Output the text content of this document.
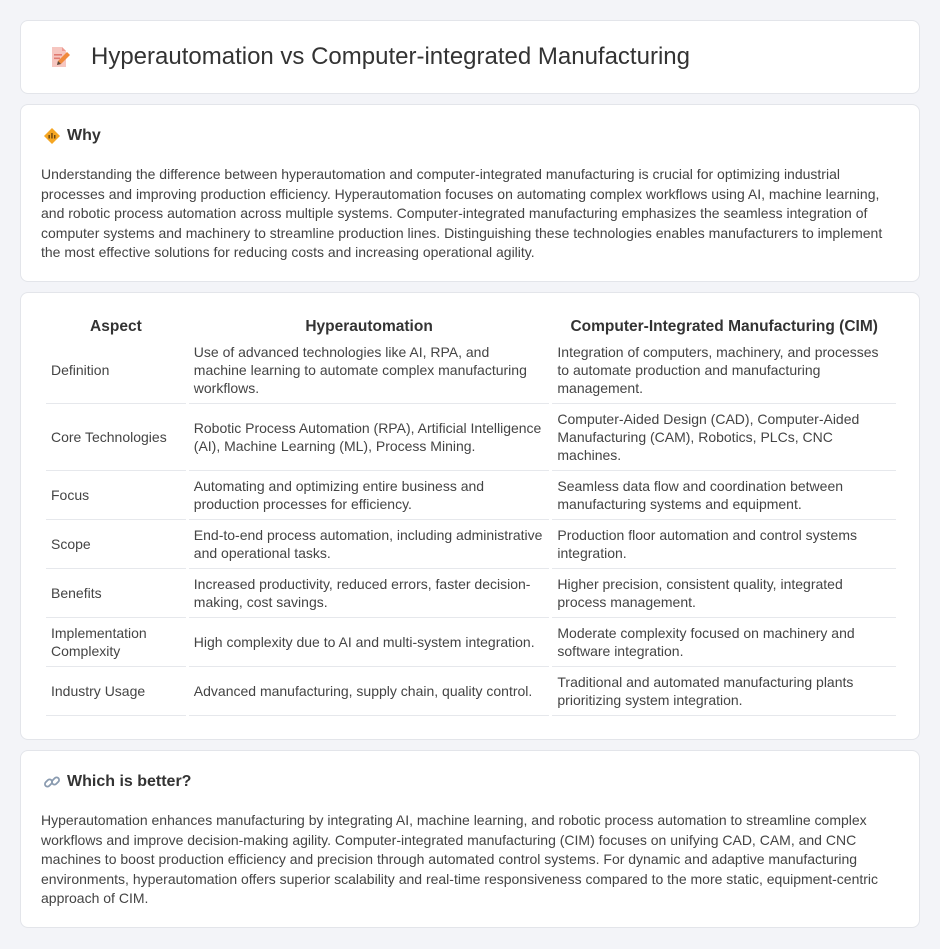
Hyperautomation vs Computer-integrated Manufacturing
Why

Understanding the difference between hyperautomation and computer-integrated manufacturing is crucial for optimizing industrial processes and improving production efficiency. Hyperautomation focuses on automating complex workflows using AI, machine learning, and robotic process automation across multiple systems. Computer-integrated manufacturing emphasizes the seamless integration of computer systems and machinery to streamline production lines. Distinguishing these technologies enables manufacturers to implement the most effective solutions for reducing costs and increasing operational agility.

Aspect	Hyperautomation	Computer-Integrated Manufacturing (CIM)
Definition	Use of advanced technologies like AI, RPA, and machine learning to automate complex manufacturing workflows.	Integration of computers, machinery, and processes to automate production and manufacturing management.
Core Technologies	Robotic Process Automation (RPA), Artificial Intelligence (AI), Machine Learning (ML), Process Mining.	Computer-Aided Design (CAD), Computer-Aided Manufacturing (CAM), Robotics, PLCs, CNC machines.
Focus	Automating and optimizing entire business and production processes for efficiency.	Seamless data flow and coordination between manufacturing systems and equipment.
Scope	End-to-end process automation, including administrative and operational tasks.	Production floor automation and control systems integration.
Benefits	Increased productivity, reduced errors, faster decision-making, cost savings.	Higher precision, consistent quality, integrated process management.
Implementation Complexity	High complexity due to AI and multi-system integration.	Moderate complexity focused on machinery and software integration.
Industry Usage	Advanced manufacturing, supply chain, quality control.	Traditional and automated manufacturing plants prioritizing system integration.
Which is better?

Hyperautomation enhances manufacturing by integrating AI, machine learning, and robotic process automation to streamline complex workflows and improve decision-making agility. Computer-integrated manufacturing (CIM) focuses on unifying CAD, CAM, and CNC machines to boost production efficiency and precision through automated control systems. For dynamic and adaptive manufacturing environments, hyperautomation offers superior scalability and real-time responsiveness compared to the more static, equipment-centric approach of CIM.
